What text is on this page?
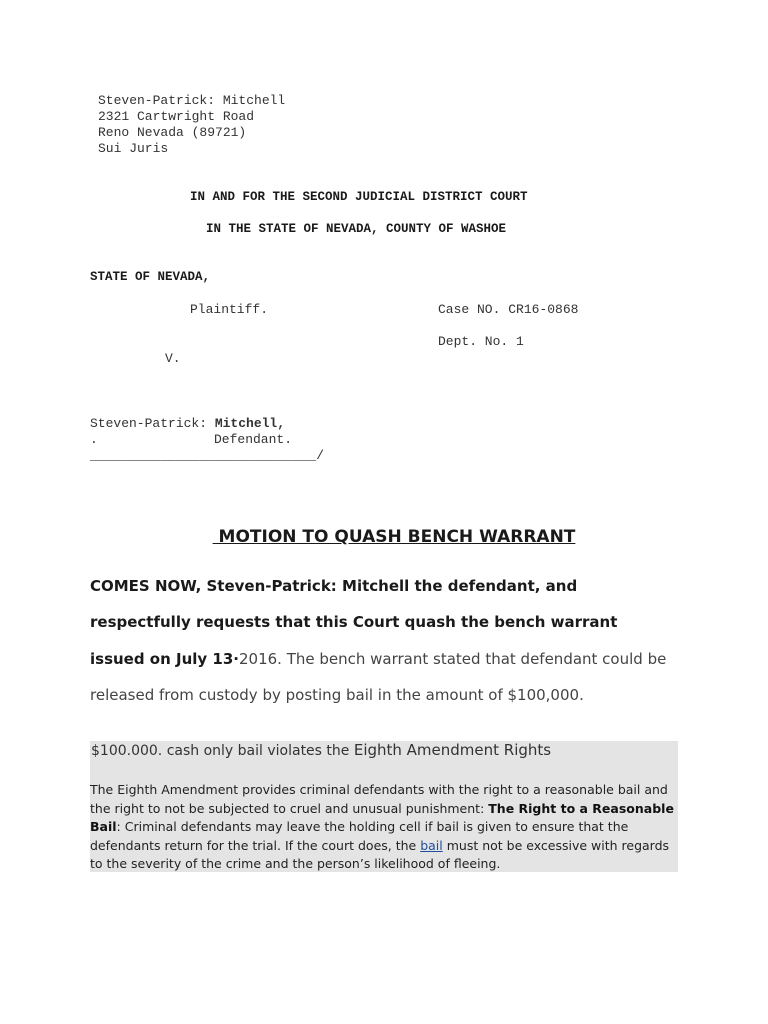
Steven-Patrick: Mitchell
2321 Cartwright Road
Reno Nevada (89721)
Sui Juris
IN AND FOR THE SECOND JUDICIAL DISTRICT COURT
IN THE STATE OF NEVADA, COUNTY OF WASHOE
STATE OF NEVADA,
Plaintiff.	Case NO. CR16-0868
Dept. No. 1
V.
Steven-Patrick: Mitchell,
.	Defendant.
_____________________________/
MOTION TO QUASH BENCH WARRANT
COMES NOW, Steven-Patrick: Mitchell the defendant, and
respectfully requests that this Court quash the bench warrant
issued on July 13·2016. The bench warrant stated that defendant could be
released from custody by posting bail in the amount of $100,000.
$100.000. cash only bail violates the Eighth Amendment Rights
The Eighth Amendment provides criminal defendants with the right to a reasonable bail and the right to not be subjected to cruel and unusual punishment: The Right to a Reasonable Bail: Criminal defendants may leave the holding cell if bail is given to ensure that the defendants return for the trial. If the court does, the bail must not be excessive with regards to the severity of the crime and the person’s likelihood of fleeing.
